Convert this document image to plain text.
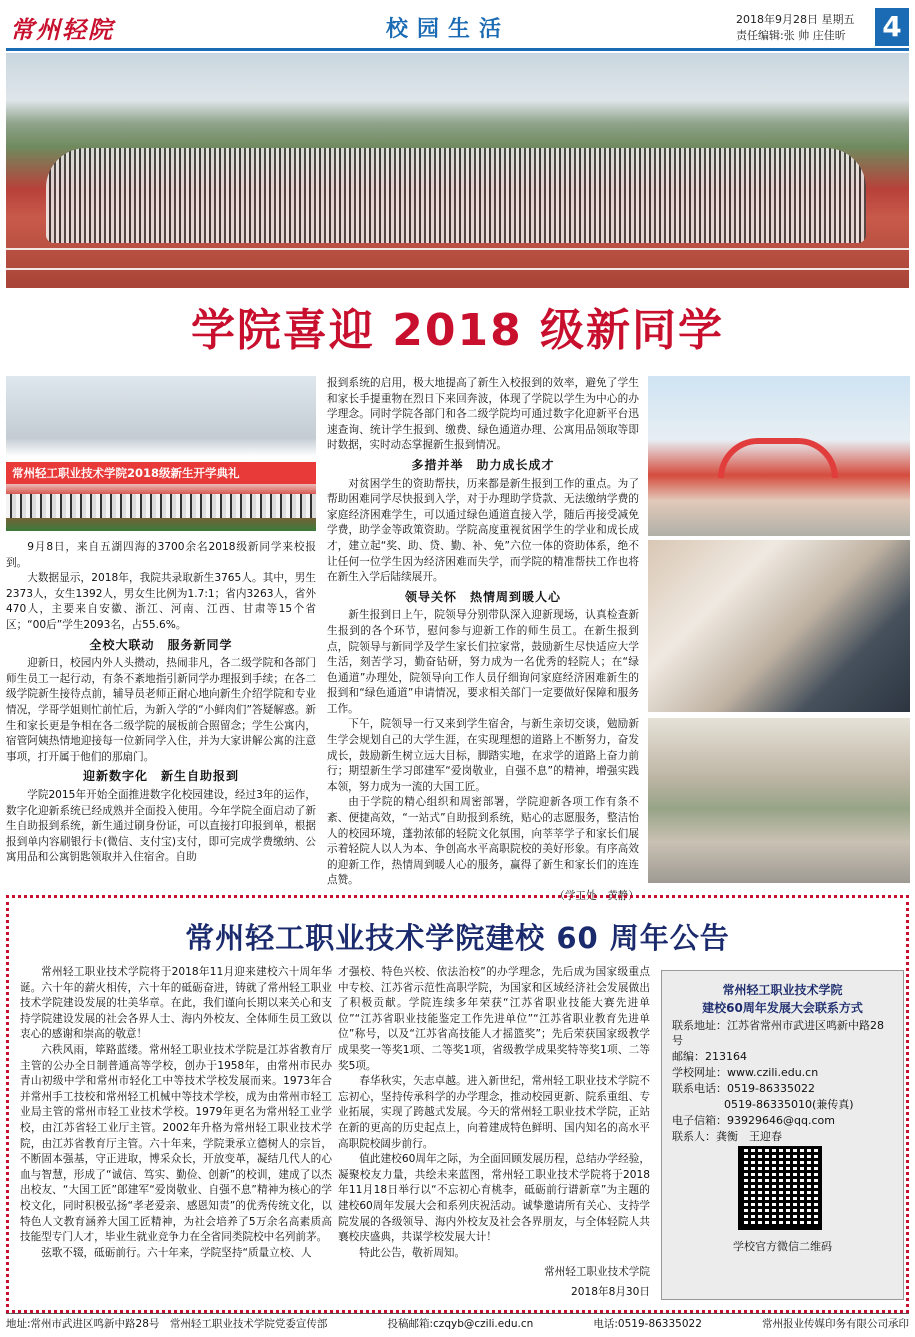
常州轻院	校园生活	2018年9月28日 星期五
责任编辑:张 帅 庄佳昕	4
学院喜迎 2018 级新同学
常州轻工职业技术学院2018级新生开学典礼

9月8日，来自五湖四海的3700余名2018级新同学来校报到。

大数据显示，2018年，我院共录取新生3765人。其中，男生2373人，女生1392人，男女生比例为1.7:1；省内3263人，省外470人，主要来自安徽、浙江、河南、江西、甘肃等15个省区；“00后”学生2093名，占55.6%。

全校大联动　服务新同学

迎新日，校园内外人头攒动，热闹非凡，各二级学院和各部门师生员工一起行动，有条不紊地指引新同学办理报到手续；在各二级学院新生接待点前，辅导员老师正耐心地向新生介绍学院和专业情况，学哥学姐则忙前忙后，为新入学的“小鲜肉们”答疑解惑。新生和家长更是争相在各二级学院的展板前合照留念；学生公寓内，宿管阿姨热情地迎接每一位新同学入住，并为大家讲解公寓的注意事项，打开属于他们的那扇门。

迎新数字化　新生自助报到

学院2015年开始全面推进数字化校园建设，经过3年的运作，数字化迎新系统已经成熟并全面投入使用。今年学院全面启动了新生自助报到系统，新生通过刷身份证，可以直接打印报到单，根据报到单内容刷银行卡(微信、支付宝)支付，即可完成学费缴纳、公寓用品和公寓钥匙领取并入住宿舍。自助

报到系统的启用，极大地提高了新生入校报到的效率，避免了学生和家长手提重物在烈日下来回奔波，体现了学院以学生为中心的办学理念。同时学院各部门和各二级学院均可通过数字化迎新平台迅速查询、统计学生报到、缴费、绿色通道办理、公寓用品领取等即时数据，实时动态掌握新生报到情况。

多措并举　助力成长成才

对贫困学生的资助帮扶，历来都是新生报到工作的重点。为了帮助困难同学尽快报到入学，对于办理助学贷款、无法缴纳学费的家庭经济困难学生，可以通过绿色通道直接入学，随后再接受减免学费，助学金等政策资助。学院高度重视贫困学生的学业和成长成才，建立起“奖、助、贷、勤、补、免”六位一体的资助体系，绝不让任何一位学生因为经济困难而失学，而学院的精准帮扶工作也将在新生入学后陆续展开。

领导关怀　热情周到暖人心

新生报到日上午，院领导分别带队深入迎新现场，认真检查新生报到的各个环节，慰问参与迎新工作的师生员工。在新生报到点，院领导与新同学及学生家长们拉家常，鼓励新生尽快适应大学生活，刻苦学习，勤奋钻研，努力成为一名优秀的轻院人；在“绿色通道”办理处，院领导向工作人员仔细询问家庭经济困难新生的报到和“绿色通道”申请情况，要求相关部门一定要做好保障和服务工作。

下午，院领导一行又来到学生宿舍，与新生亲切交谈，勉励新生学会规划自己的大学生涯，在实现理想的道路上不断努力，奋发成长，鼓励新生树立远大目标，脚踏实地，在求学的道路上奋力前行；期望新生学习郎建军“爱岗敬业，自强不息”的精神，增强实践本领，努力成为一流的大国工匠。

由于学院的精心组织和周密部署，学院迎新各项工作有条不紊、便捷高效，“一站式”自助报到系统，贴心的志愿服务，整洁怡人的校园环境，蓬勃浓郁的轻院文化氛围，向莘莘学子和家长们展示着轻院人以人为本、争创高水平高职院校的美好形象。有序高效的迎新工作，热情周到暖人心的服务，赢得了新生和家长们的连连点赞。

（学工处　黄静）
常州轻工职业技术学院建校 60 周年公告

常州轻工职业技术学院将于2018年11月迎来建校六十周年华诞。六十年的薪火相传，六十年的砥砺奋进，铸就了常州轻工职业技术学院建设发展的壮美华章。在此，我们谨向长期以来关心和支持学院建设发展的社会各界人士、海内外校友、全体师生员工致以衷心的感谢和崇高的敬意！

六秩风雨，筚路蓝缕。常州轻工职业技术学院是江苏省教育厅主管的公办全日制普通高等学校，创办于1958年，由常州市民办青山初级中学和常州市轻化工中等技术学校发展而来。1973年合并常州手工技校和常州轻工机械中等技术学校，成为由常州市轻工业局主管的常州市轻工业技术学校。1979年更名为常州轻工业学校，由江苏省轻工业厅主管。2002年升格为常州轻工职业技术学院，由江苏省教育厅主管。六十年来，学院秉承立德树人的宗旨，不断固本强基，守正进取，博采众长，开放变革，凝结几代人的心血与智慧，形成了“诚信、笃实、勤俭、创新”的校训，建成了以杰出校友、“大国工匠”郎建军“爱岗敬业、自强不息”精神为核心的学校文化，同时积极弘扬“孝老爱亲、感恩知责”的优秀传统文化，以特色人文教育涵养大国工匠精神，为社会培养了5万余名高素质高技能型专门人才，毕业生就业竞争力在全省同类院校中名列前茅。

弦歌不辍，砥砺前行。六十年来，学院坚持“质量立校、人

才强校、特色兴校、依法治校”的办学理念，先后成为国家级重点中专校、江苏省示范性高职学院，为国家和区域经济社会发展做出了积极贡献。学院连续多年荣获“江苏省职业技能大赛先进单位”“江苏省职业技能鉴定工作先进单位”“江苏省职业教育先进单位”称号，以及“江苏省高技能人才摇篮奖”；先后荣获国家级教学成果奖一等奖1项、二等奖1项，省级教学成果奖特等奖1项、二等奖5项。

春华秋实，矢志卓越。进入新世纪，常州轻工职业技术学院不忘初心，坚持传承科学的办学理念，推动校园更新、院系重组、专业拓展，实现了跨越式发展。今天的常州轻工职业技术学院，正站在新的更高的历史起点上，向着建成特色鲜明、国内知名的高水平高职院校阔步前行。

值此建校60周年之际，为全面回顾发展历程，总结办学经验，凝聚校友力量，共绘未来蓝图，常州轻工职业技术学院将于2018年11月18日举行以“不忘初心育桃李，砥砺前行谱新章”为主题的建校60周年发展大会和系列庆祝活动。诚挚邀请所有关心、支持学院发展的各级领导、海内外校友及社会各界朋友，与全体轻院人共襄校庆盛典，共谋学校发展大计！

特此公告，敬祈周知。

常州轻工职业技术学院
2018年8月30日
常州轻工职业技术学院
建校60周年发展大会联系方式
联系地址：江苏省常州市武进区鸣新中路28号
邮编：213164
学校网址：www.czili.edu.cn
联系电话：0519-86335022
0519-86335010(兼传真)
电子信箱：93929646@qq.com
联系人：龚衡　王迎春
学校官方微信二维码
地址:常州市武进区鸣新中路28号　常州轻工职业技术学院党委宣传部	投稿邮箱:czqyb@czili.edu.cn	电话:0519-86335022	常州报业传媒印务有限公司承印
